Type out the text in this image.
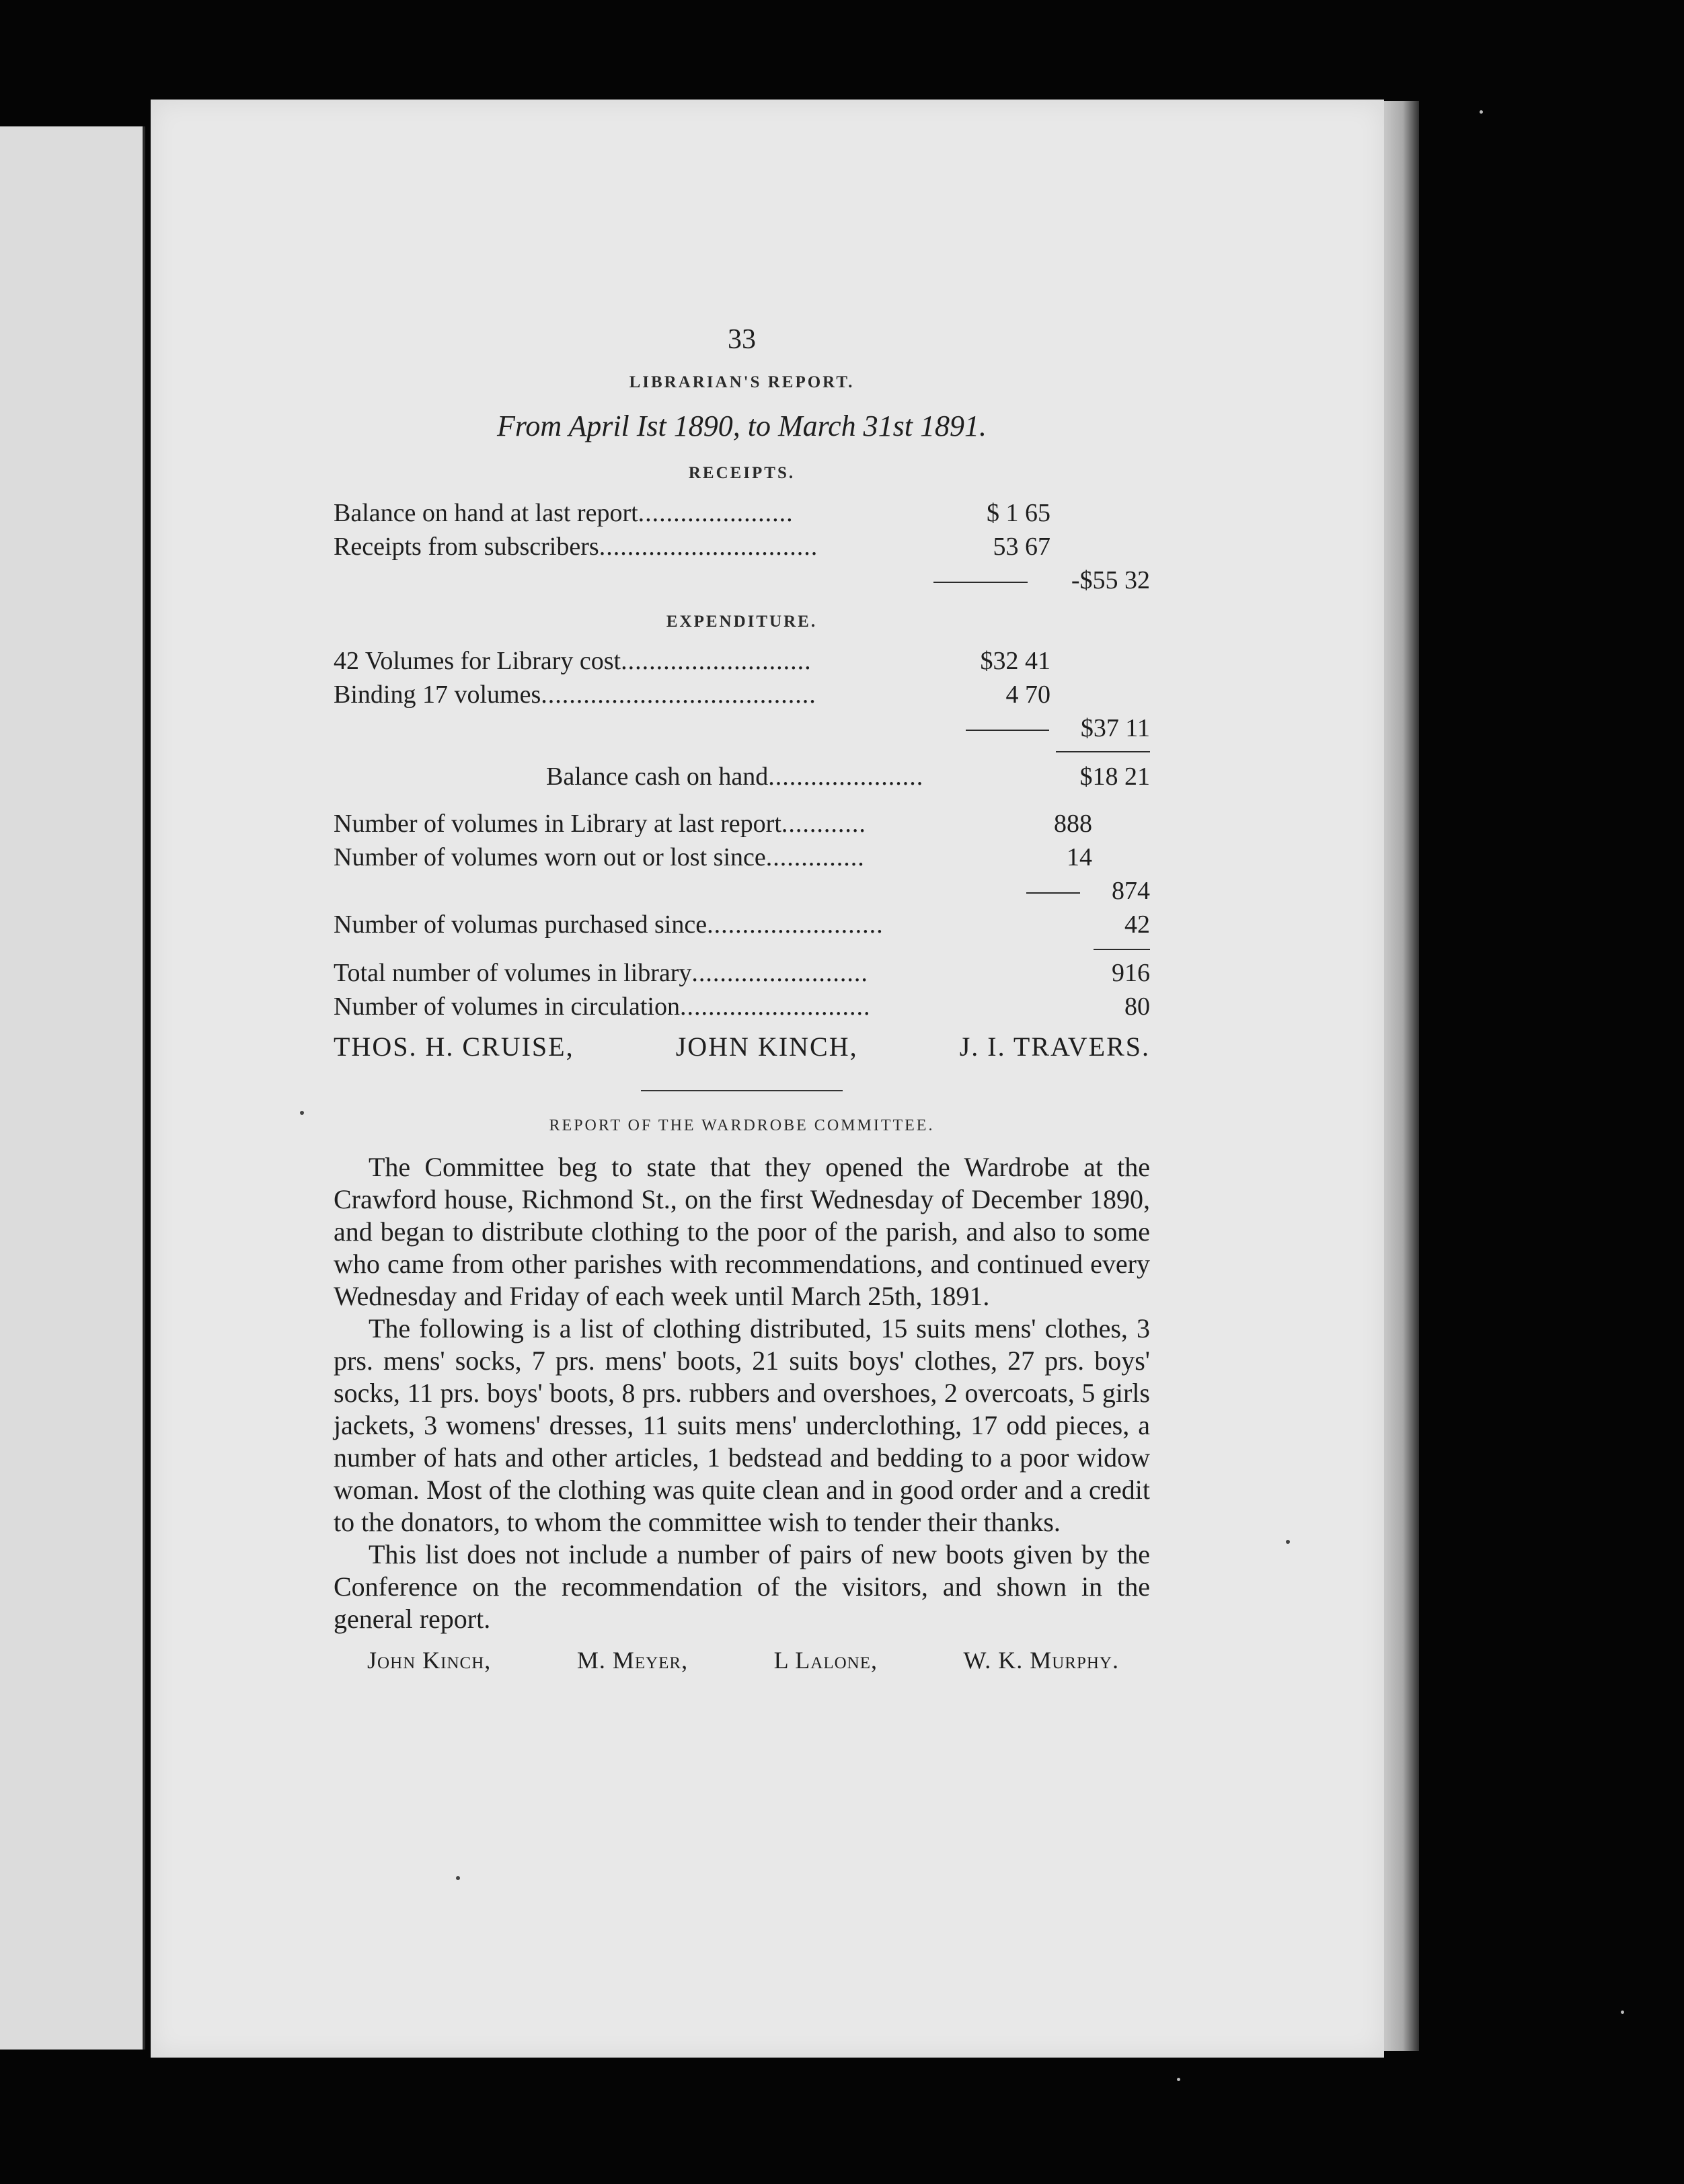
33
LIBRARIAN'S REPORT.
From April Ist 1890, to March 31st 1891.
RECEIPTS.
Balance on hand at last report......................	$ 1 65
Receipts from subscribers...............................	53 67
-$55 32
EXPENDITURE.
42 Volumes for Library cost...........................	$32 41
Binding 17 volumes.......................................	4 70
$37 11
Balance cash on hand......................	$18 21
Number of volumes in Library at last report............	888
Number of volumes worn out or lost since..............	14
874
Number of volumas purchased since.........................	42
Total number of volumes in library.........................	916
Number of volumes in circulation...........................	80
THOS. H. CRUISE,	JOHN KINCH,	J. I. TRAVERS.
REPORT OF THE WARDROBE COMMITTEE.

The Committee beg to state that they opened the Wardrobe at the Crawford house, Richmond St., on the first Wednesday of December 1890, and began to distribute clothing to the poor of the parish, and also to some who came from other parishes with recommendations, and continued every Wednesday and Friday of each week until March 25th, 1891.

The following is a list of clothing distributed, 15 suits mens' clothes, 3 prs. mens' socks, 7 prs. mens' boots, 21 suits boys' clothes, 27 prs. boys' socks, 11 prs. boys' boots, 8 prs. rubbers and overshoes, 2 overcoats, 5 girls jackets, 3 womens' dresses, 11 suits mens' underclothing, 17 odd pieces, a number of hats and other articles, 1 bedstead and bedding to a poor widow woman. Most of the clothing was quite clean and in good order and a credit to the donators, to whom the committee wish to tender their thanks.

This list does not include a number of pairs of new boots given by the Conference on the recommendation of the visitors, and shown in the general report.

John Kinch,	M. Meyer,	L Lalone,	W. K. Murphy.
